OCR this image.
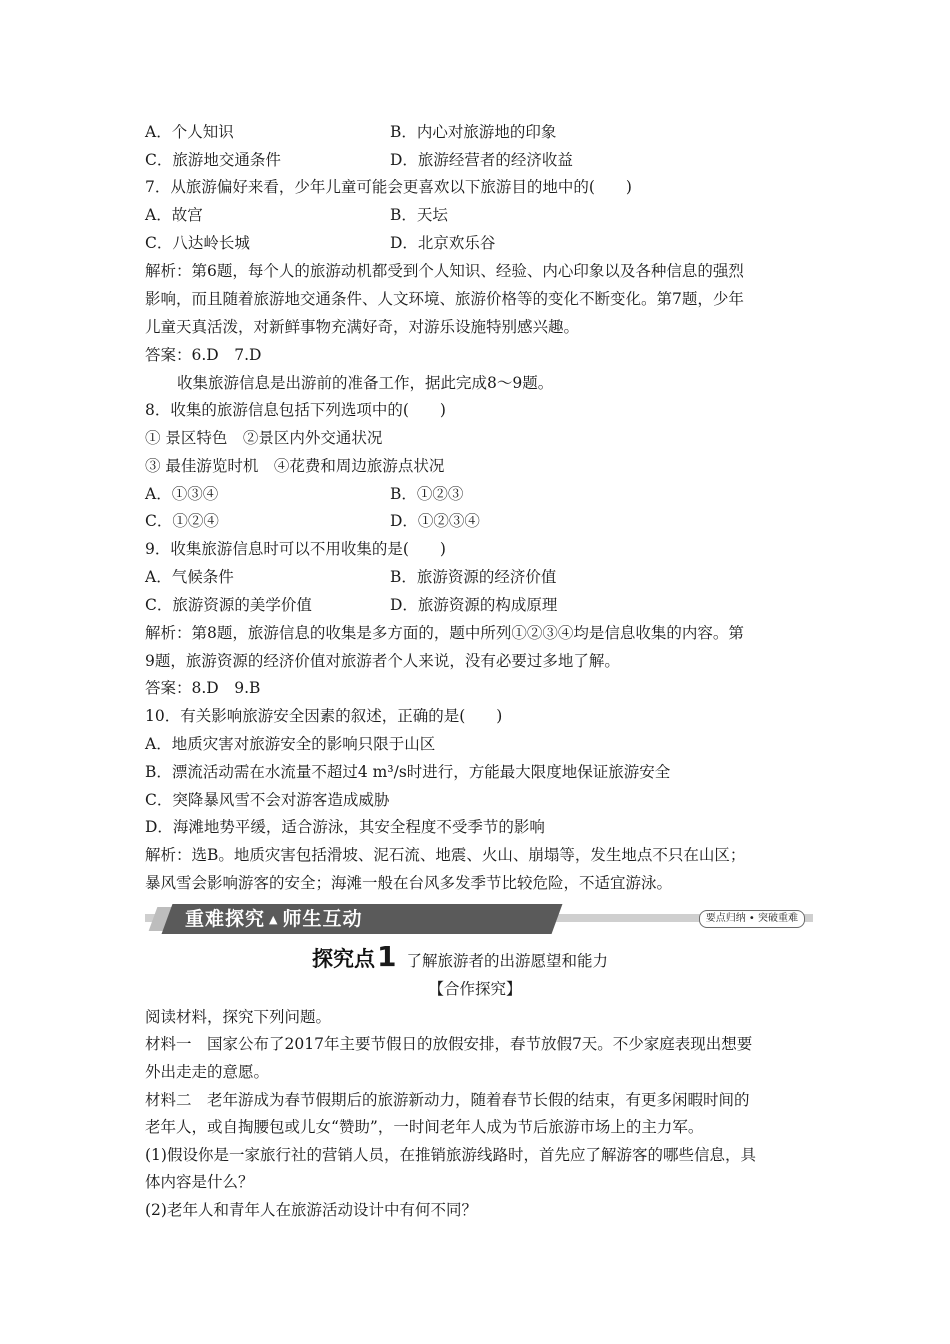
A．个人知识	B．内心对旅游地的印象
C．旅游地交通条件	D．旅游经营者的经济收益
7．从旅游偏好来看，少年儿童可能会更喜欢以下旅游目的地中的(　　)
A．故宫	B．天坛
C．八达岭长城	D．北京欢乐谷
解析：第6题，每个人的旅游动机都受到个人知识、经验、内心印象以及各种信息的强烈
影响，而且随着旅游地交通条件、人文环境、旅游价格等的变化不断变化。第7题，少年
儿童天真活泼，对新鲜事物充满好奇，对游乐设施特别感兴趣。
答案：6.D　7.D
收集旅游信息是出游前的准备工作，据此完成8～9题。
8．收集的旅游信息包括下列选项中的(　　)
① 景区特色　②景区内外交通状况
③ 最佳游览时机　④花费和周边旅游点状况
A．①③④	B．①②③
C．①②④	D．①②③④
9．收集旅游信息时可以不用收集的是(　　)
A．气候条件	B．旅游资源的经济价值
C．旅游资源的美学价值	D．旅游资源的构成原理
解析：第8题，旅游信息的收集是多方面的，题中所列①②③④均是信息收集的内容。第
9题，旅游资源的经济价值对旅游者个人来说，没有必要过多地了解。
答案：8.D　9.B
10．有关影响旅游安全因素的叙述，正确的是(　　)
A．地质灾害对旅游安全的影响只限于山区
B．漂流活动需在水流量不超过4 m³/s时进行，方能最大限度地保证旅游安全
C．突降暴风雪不会对游客造成威胁
D．海滩地势平缓，适合游泳，其安全程度不受季节的影响
解析：选B。地质灾害包括滑坡、泥石流、地震、火山、崩塌等，发生地点不只在山区；
暴风雪会影响游客的安全；海滩一般在台风多发季节比较危险，不适宜游泳。
重难探究 ▲ 师生互动	要点归纳 • 突破重难
探究点1 了解旅游者的出游愿望和能力
【合作探究】
阅读材料，探究下列问题。
材料一　国家公布了2017年主要节假日的放假安排，春节放假7天。不少家庭表现出想要
外出走走的意愿。
材料二　老年游成为春节假期后的旅游新动力，随着春节长假的结束，有更多闲暇时间的
老年人，或自掏腰包或儿女“赞助”，一时间老年人成为节后旅游市场上的主力军。
(1)假设你是一家旅行社的营销人员，在推销旅游线路时，首先应了解游客的哪些信息，具
体内容是什么？
(2)老年人和青年人在旅游活动设计中有何不同？
